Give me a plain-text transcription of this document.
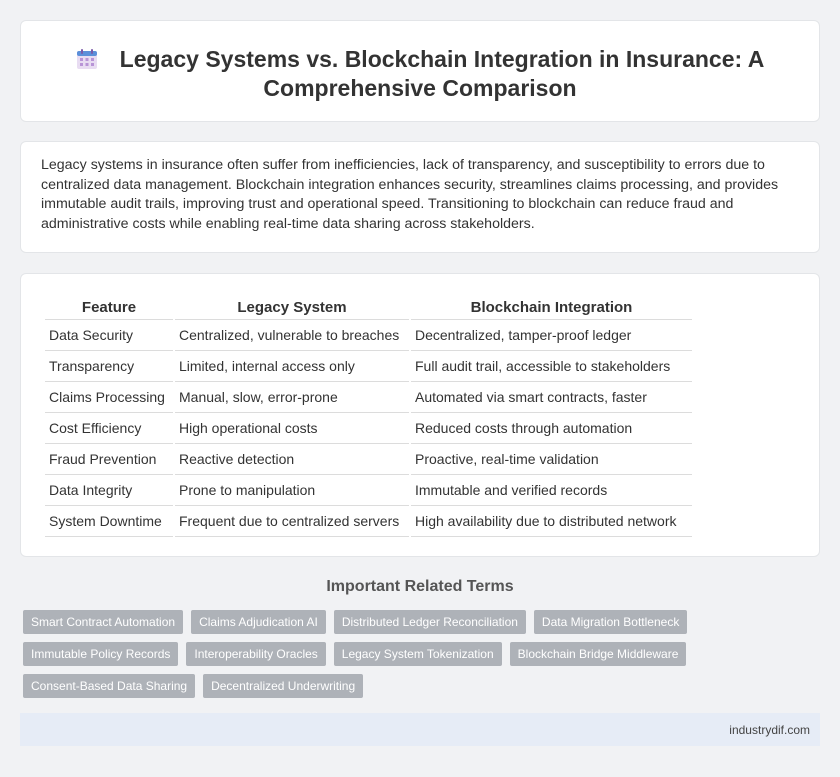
Legacy Systems vs. Blockchain Integration in Insurance: A Comprehensive Comparison

Legacy systems in insurance often suffer from inefficiencies, lack of transparency, and susceptibility to errors due to centralized data management. Blockchain integration enhances security, streamlines claims processing, and provides immutable audit trails, improving trust and operational speed. Transitioning to blockchain can reduce fraud and administrative costs while enabling real-time data sharing across stakeholders.

Feature	Legacy System	Blockchain Integration
Data Security	Centralized, vulnerable to breaches	Decentralized, tamper-proof ledger
Transparency	Limited, internal access only	Full audit trail, accessible to stakeholders
Claims Processing	Manual, slow, error-prone	Automated via smart contracts, faster
Cost Efficiency	High operational costs	Reduced costs through automation
Fraud Prevention	Reactive detection	Proactive, real-time validation
Data Integrity	Prone to manipulation	Immutable and verified records
System Downtime	Frequent due to centralized servers	High availability due to distributed network
Important Related Terms
Smart Contract Automation	Claims Adjudication AI	Distributed Ledger Reconciliation	Data Migration Bottleneck
Immutable Policy Records	Interoperability Oracles	Legacy System Tokenization	Blockchain Bridge Middleware
Consent-Based Data Sharing	Decentralized Underwriting
industrydif.com
